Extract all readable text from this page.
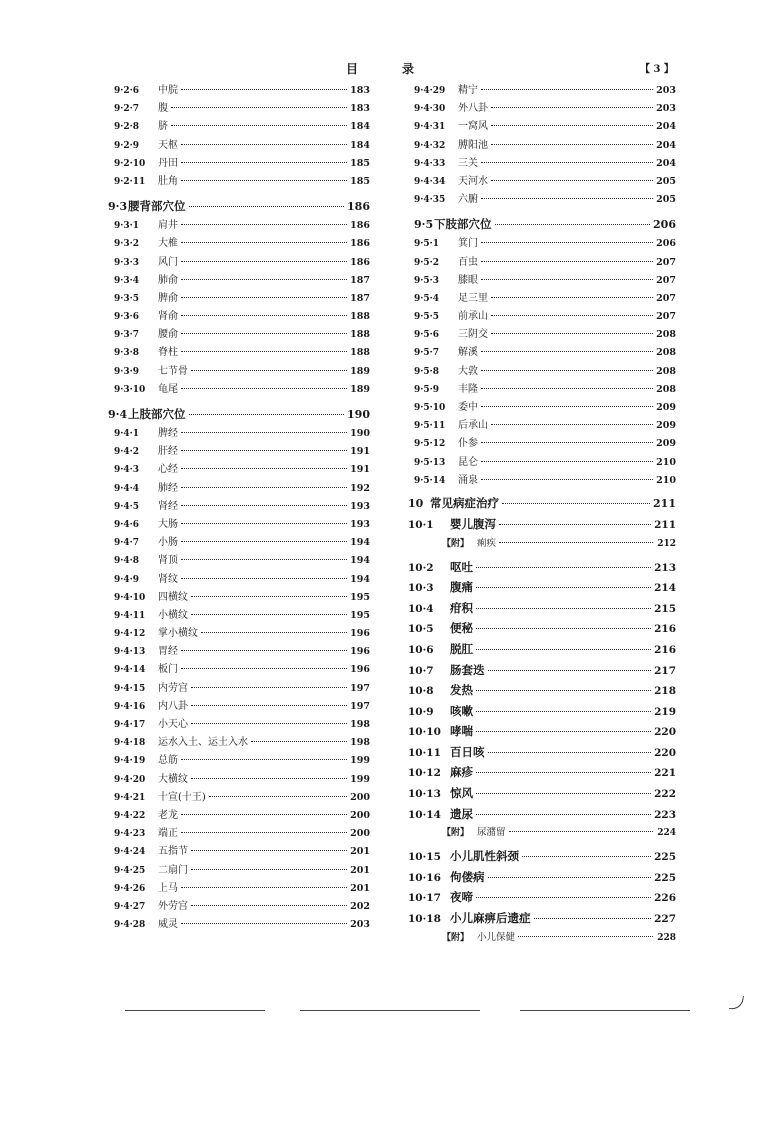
目	录	【 3 】
9·2·6	中脘	183
9·2·7	腹	183
9·2·8	脐	184
9·2·9	天枢	184
9·2·10	丹田	185
9·2·11	肚角	185
9·3 腰背部穴位	186
9·3·1	肩井	186
9·3·2	大椎	186
9·3·3	风门	186
9·3·4	肺俞	187
9·3·5	脾俞	187
9·3·6	肾俞	188
9·3·7	腰俞	188
9·3·8	脊柱	188
9·3·9	七节骨	189
9·3·10	龟尾	189
9·4 上肢部穴位	190
9·4·1	脾经	190
9·4·2	肝经	191
9·4·3	心经	191
9·4·4	肺经	192
9·4·5	肾经	193
9·4·6	大肠	193
9·4·7	小肠	194
9·4·8	肾顶	194
9·4·9	肾纹	194
9·4·10	四横纹	195
9·4·11	小横纹	195
9·4·12	掌小横纹	196
9·4·13	胃经	196
9·4·14	板门	196
9·4·15	内劳宫	197
9·4·16	内八卦	197
9·4·17	小天心	198
9·4·18	运水入土、运土入水	198
9·4·19	总筋	199
9·4·20	大横纹	199
9·4·21	十宣(十王)	200
9·4·22	老龙	200
9·4·23	端正	200
9·4·24	五指节	201
9·4·25	二扇门	201
9·4·26	上马	201
9·4·27	外劳宫	202
9·4·28	威灵	203
9·4·29	精宁	203
9·4·30	外八卦	203
9·4·31	一窝风	204
9·4·32	膊阳池	204
9·4·33	三关	204
9·4·34	天河水	205
9·4·35	六腑	205
9·5 下肢部穴位	206
9·5·1	箕门	206
9·5·2	百虫	207
9·5·3	膝眼	207
9·5·4	足三里	207
9·5·5	前承山	207
9·5·6	三阴交	208
9·5·7	解溪	208
9·5·8	大敦	208
9·5·9	丰隆	208
9·5·10	委中	209
9·5·11	后承山	209
9·5·12	仆参	209
9·5·13	昆仑	210
9·5·14	涌泉	210
10 常见病症治疗	211
10·1	婴儿腹泻	211
【附】 痢疾	212
10·2	呕吐	213
10·3	腹痛	214
10·4	疳积	215
10·5	便秘	216
10·6	脱肛	216
10·7	肠套迭	217
10·8	发热	218
10·9	咳嗽	219
10·10 哮喘	220
10·11 百日咳	220
10·12 麻疹	221
10·13 惊风	222
10·14 遗尿	223
【附】 尿潴留	224
10·15 小儿肌性斜颈	225
10·16 佝偻病	225
10·17 夜啼	226
10·18 小儿麻痹后遗症	227
【附】 小儿保健	228
